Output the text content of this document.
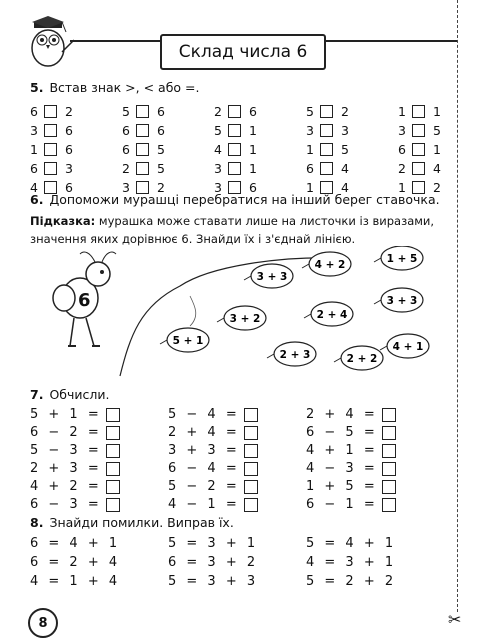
✂
Склад числа 6
5. Встав знак >, < або =.
6	2	5	6	2	6	5	2	1	1
3	6	6	6	5	1	3	3	3	5
1	6	6	5	4	1	1	5	6	1
6	3	2	5	3	1	6	4	2	4
4	6	3	2	3	6	1	4	1	2
6. Допоможи мурашці перебратися на інший берег ставочка.
Підказка: мурашка може ставати лише на листочки із виразами, значення яких дорівнює 6. Знайди їх і з'єднай лінією.
3 + 3
4 + 2	1 + 5
3 + 2	2 + 4
3 + 3
5 + 1
2 + 3	2 + 2
4 + 1
6
7. Обчисли.
5 + 1 =	5 − 4 =	2 + 4 =
6 − 2 =	2 + 4 =	6 − 5 =
5 − 3 =	3 + 3 =	4 + 1 =
2 + 3 =	6 − 4 =	4 − 3 =
4 + 2 =	5 − 2 =	1 + 5 =
6 − 3 =	4 − 1 =	6 − 1 =
8. Знайди помилки. Виправ їх.
6 = 4 + 1	5 = 3 + 1	5 = 4 + 1
6 = 2 + 4	6 = 3 + 2	4 = 3 + 1
4 = 1 + 4	5 = 3 + 3	5 = 2 + 2
8
